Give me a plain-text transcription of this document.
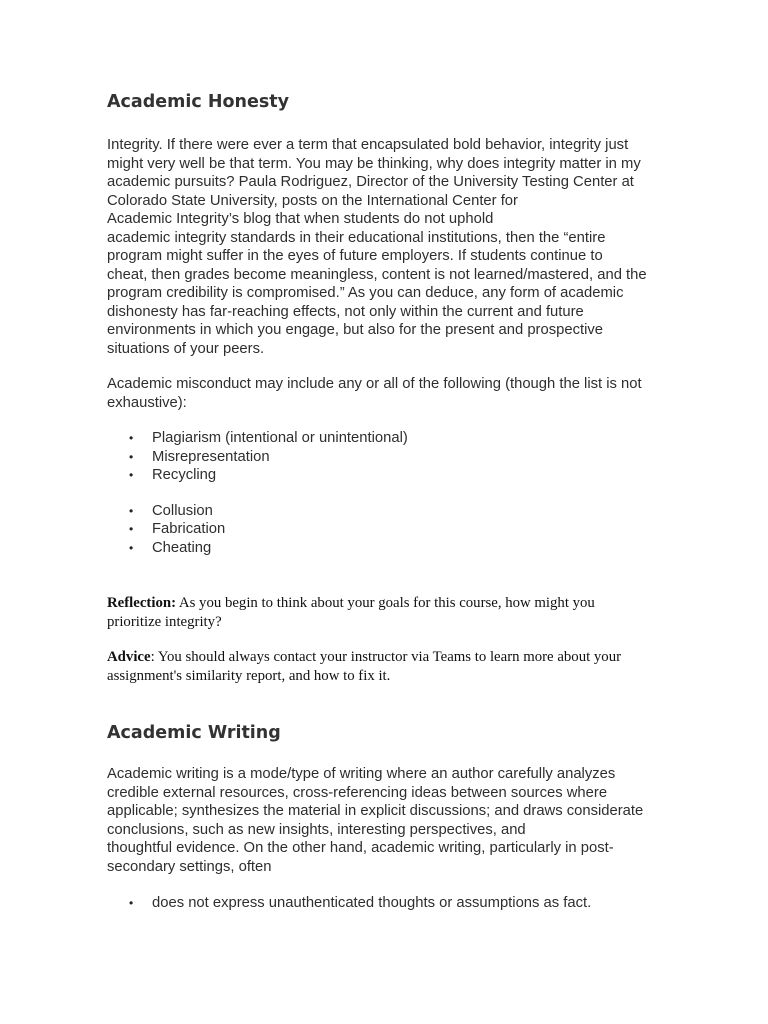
Academic Honesty
Integrity. If there were ever a term that encapsulated bold behavior, integrity just
might very well be that term. You may be thinking, why does integrity matter in my
academic pursuits? Paula Rodriguez, Director of the University Testing Center at
Colorado State University, posts on the International Center for
Academic Integrity’s blog that when students do not uphold
academic integrity standards in their educational institutions, then the “entire
program might suffer in the eyes of future employers. If students continue to
cheat, then grades become meaningless, content is not learned/mastered, and the
program credibility is compromised.” As you can deduce, any form of academic
dishonesty has far-reaching effects, not only within the current and future
environments in which you engage, but also for the present and prospective
situations of your peers.
Academic misconduct may include any or all of the following (though the list is not
exhaustive):
• Plagiarism (intentional or unintentional)
• Misrepresentation
• Recycling
• Collusion
• Fabrication
• Cheating
Reflection: As you begin to think about your goals for this course, how might you
prioritize integrity?
Advice: You should always contact your instructor via Teams to learn more about your
assignment's similarity report, and how to fix it.
Academic Writing
Academic writing is a mode/type of writing where an author carefully analyzes
credible external resources, cross-referencing ideas between sources where
applicable; synthesizes the material in explicit discussions; and draws considerate
conclusions, such as new insights, interesting perspectives, and
thoughtful evidence. On the other hand, academic writing, particularly in post-
secondary settings, often
• does not express unauthenticated thoughts or assumptions as fact.
